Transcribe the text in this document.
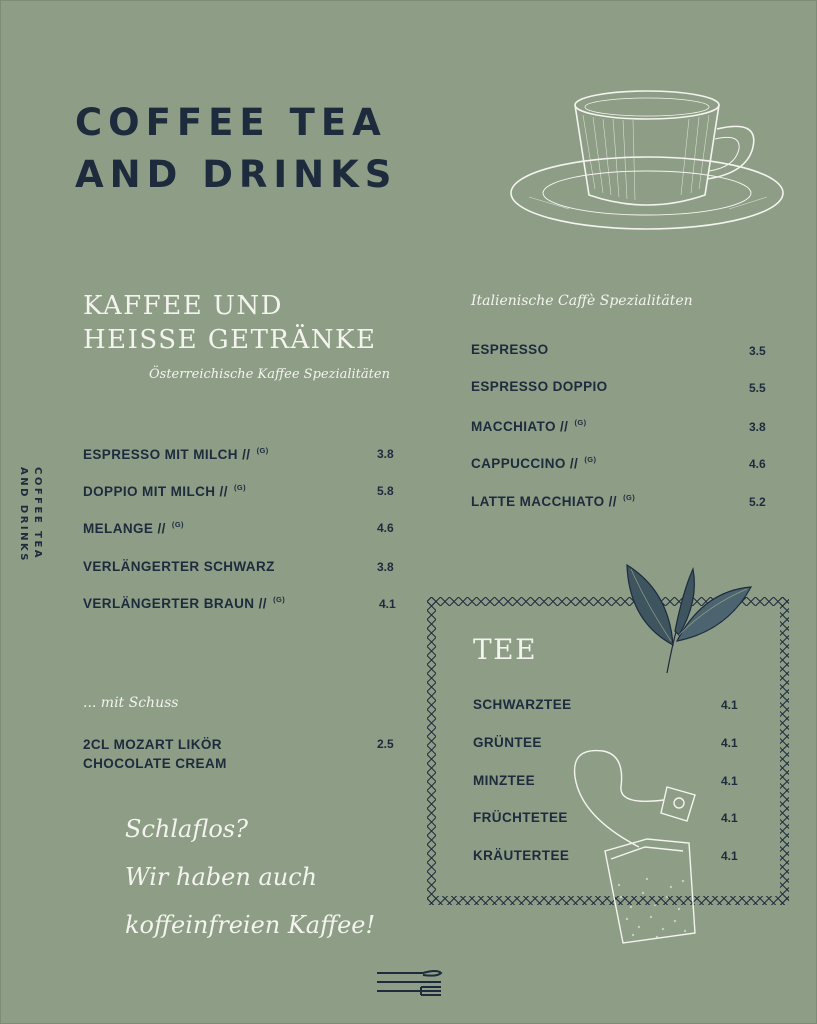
COFFEE TEA
AND DRINKS
COFFEE TEA
AND DRINKS
KAFFEE UND
HEISSE GETRÄNKE
Österreichische Kaffee Spezialitäten
ESPRESSO MIT MILCH // $^{(G)}$	3.8
DOPPIO MIT MILCH // $^{(G)}$	5.8
MELANGE // $^{(G)}$	4.6
VERLÄNGERTER SCHWARZ	3.8
VERLÄNGERTER BRAUN // $^{(G)}$	4.1
... mit Schuss
2CL MOZART LIKÖR
CHOCOLATE CREAM
2.5
Schlaflos?
Wir haben auch
koffeinfreien Kaffee!
Italienische Caffè Spezialitäten
ESPRESSO	3.5
ESPRESSO DOPPIO	5.5
MACCHIATO // $^{(G)}$	3.8
CAPPUCCINO // $^{(G)}$	4.6
LATTE MACCHIATO // $^{(G)}$	5.2
TEE
SCHWARZTEE	4.1
GRÜNTEE	4.1
MINZTEE	4.1
FRÜCHTETEE	4.1
KRÄUTERTEE	4.1
